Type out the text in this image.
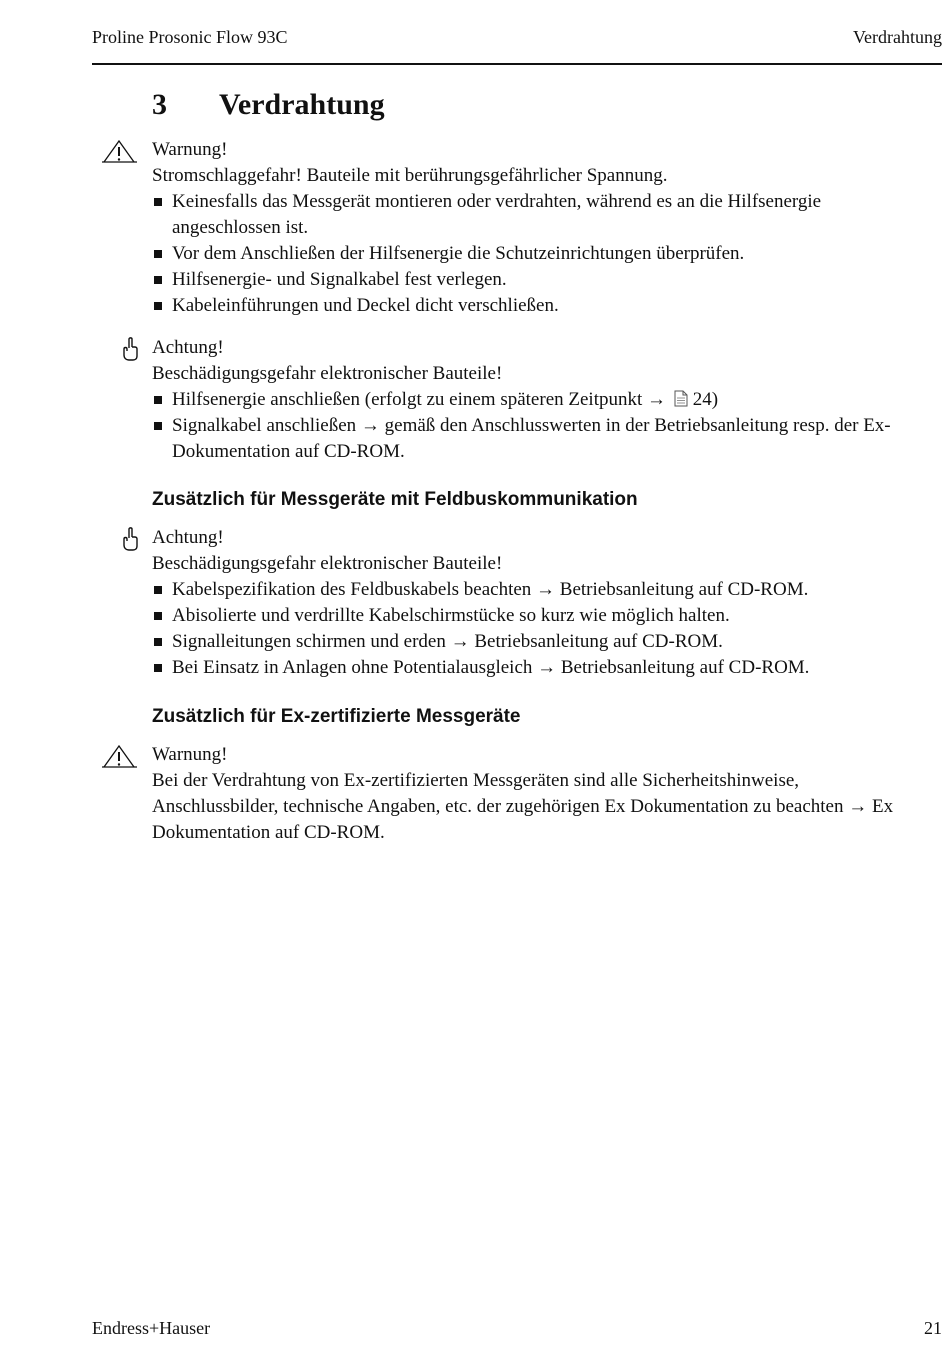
Proline Prosonic Flow 93C	Verdrahtung
3 Verdrahtung
Warnung!
Stromschlaggefahr! Bauteile mit berührungsgefährlicher Spannung.
Keinesfalls das Messgerät montieren oder verdrahten, während es an die Hilfsenergie angeschlossen ist.
Vor dem Anschließen der Hilfsenergie die Schutzeinrichtungen überprüfen.
Hilfsenergie- und Signalkabel fest verlegen.
Kabeleinführungen und Deckel dicht verschließen.
Achtung!
Beschädigungsgefahr elektronischer Bauteile!
Hilfsenergie anschließen (erfolgt zu einem späteren Zeitpunkt → 24)
Signalkabel anschließen → gemäß den Anschlusswerten in der Betriebsanleitung resp. der Ex-Dokumentation auf CD-ROM.
Zusätzlich für Messgeräte mit Feldbuskommunikation
Achtung!
Beschädigungsgefahr elektronischer Bauteile!
Kabelspezifikation des Feldbuskabels beachten → Betriebsanleitung auf CD-ROM.
Abisolierte und verdrillte Kabelschirmstücke so kurz wie möglich halten.
Signalleitungen schirmen und erden → Betriebsanleitung auf CD-ROM.
Bei Einsatz in Anlagen ohne Potentialausgleich → Betriebsanleitung auf CD-ROM.
Zusätzlich für Ex-zertifizierte Messgeräte
Warnung!
Bei der Verdrahtung von Ex-zertifizierten Messgeräten sind alle Sicherheitshinweise, Anschlussbilder, technische Angaben, etc. der zugehörigen Ex Dokumentation zu beachten → Ex Dokumentation auf CD-ROM.
Endress+Hauser	21
